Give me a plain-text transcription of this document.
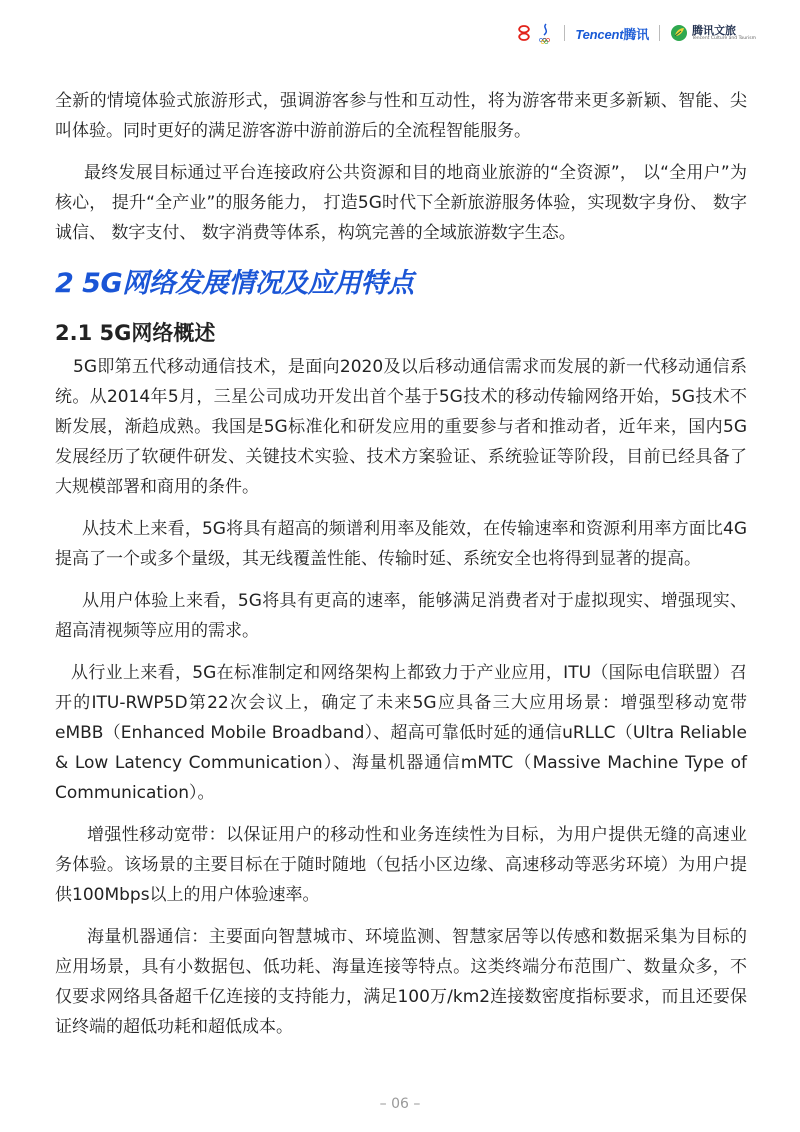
Tencent腾讯	腾讯文旅
Tencent Culture and Tourism

全新的情境体验式旅游形式，强调游客参与性和互动性，将为游客带来更多新颖、智能、尖叫体验。同时更好的满足游客游中游前游后的全流程智能服务。

最终发展目标通过平台连接政府公共资源和目的地商业旅游的“全资源”， 以“全用户”为核心， 提升“全产业”的服务能力， 打造5G时代下全新旅游服务体验，实现数字身份、 数字诚信、 数字支付、 数字消费等体系，构筑完善的全域旅游数字生态。

2 5G网络发展情况及应用特点
2.1 5G网络概述

5G即第五代移动通信技术，是面向2020及以后移动通信需求而发展的新一代移动通信系统。从2014年5月，三星公司成功开发出首个基于5G技术的移动传输网络开始，5G技术不断发展，渐趋成熟。我国是5G标准化和研发应用的重要参与者和推动者，近年来，国内5G发展经历了软硬件研发、关键技术实验、技术方案验证、系统验证等阶段，目前已经具备了大规模部署和商用的条件。

从技术上来看，5G将具有超高的频谱利用率及能效，在传输速率和资源利用率方面比4G提高了一个或多个量级，其无线覆盖性能、传输时延、系统安全也将得到显著的提高。

从用户体验上来看，5G将具有更高的速率，能够满足消费者对于虚拟现实、增强现实、超高清视频等应用的需求。

从行业上来看，5G在标准制定和网络架构上都致力于产业应用，ITU（国际电信联盟）召开的ITU-RWP5D第22次会议上，确定了未来5G应具备三大应用场景：增强型移动宽带eMBB（Enhanced Mobile Broadband）、超高可靠低时延的通信uRLLC（Ultra Reliable & Low Latency Communication）、海量机器通信mMTC（Massive Machine Type of Communication）。

增强性移动宽带：以保证用户的移动性和业务连续性为目标，为用户提供无缝的高速业务体验。该场景的主要目标在于随时随地（包括小区边缘、高速移动等恶劣环境）为用户提供100Mbps以上的用户体验速率。

海量机器通信：主要面向智慧城市、环境监测、智慧家居等以传感和数据采集为目标的应用场景，具有小数据包、低功耗、海量连接等特点。这类终端分布范围广、数量众多，不仅要求网络具备超千亿连接的支持能力，满足100万/km2连接数密度指标要求，而且还要保证终端的超低功耗和超低成本。

– 06 –
